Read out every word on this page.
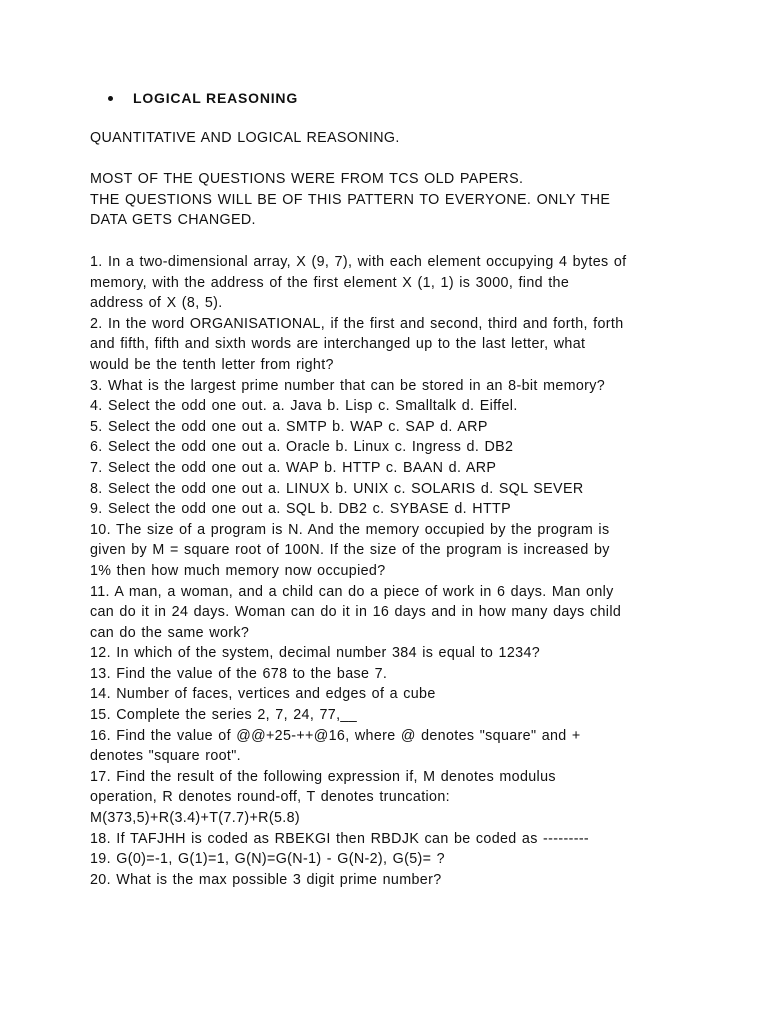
LOGICAL REASONING

QUANTITATIVE AND LOGICAL REASONING.

MOST OF THE QUESTIONS WERE FROM TCS OLD PAPERS.

THE QUESTIONS WILL BE OF THIS PATTERN TO EVERYONE. ONLY THE

DATA GETS CHANGED.

1. In a two-dimensional array, X (9, 7), with each element occupying 4 bytes of

memory, with the address of the first element X (1, 1) is 3000, find the

address of X (8, 5).

2. In the word ORGANISATIONAL, if the first and second, third and forth, forth

and fifth, fifth and sixth words are interchanged up to the last letter, what

would be the tenth letter from right?

3. What is the largest prime number that can be stored in an 8-bit memory?

4. Select the odd one out. a. Java b. Lisp c. Smalltalk d. Eiffel.

5. Select the odd one out a. SMTP b. WAP c. SAP d. ARP

6. Select the odd one out a. Oracle b. Linux c. Ingress d. DB2

7. Select the odd one out a. WAP b. HTTP c. BAAN d. ARP

8. Select the odd one out a. LINUX b. UNIX c. SOLARIS d. SQL SEVER

9. Select the odd one out a. SQL b. DB2 c. SYBASE d. HTTP

10. The size of a program is N. And the memory occupied by the program is

given by M = square root of 100N. If the size of the program is increased by

1% then how much memory now occupied?

11. A man, a woman, and a child can do a piece of work in 6 days. Man only

can do it in 24 days. Woman can do it in 16 days and in how many days child

can do the same work?

12. In which of the system, decimal number 384 is equal to 1234?

13. Find the value of the 678 to the base 7.

14. Number of faces, vertices and edges of a cube

15. Complete the series 2, 7, 24, 77,__

16. Find the value of @@+25-++@16, where @ denotes "square" and +

denotes "square root".

17. Find the result of the following expression if, M denotes modulus

operation, R denotes round-off, T denotes truncation:

M(373,5)+R(3.4)+T(7.7)+R(5.8)

18. If TAFJHH is coded as RBEKGI then RBDJK can be coded as ---------

19. G(0)=-1, G(1)=1, G(N)=G(N-1) - G(N-2), G(5)= ?

20. What is the max possible 3 digit prime number?
